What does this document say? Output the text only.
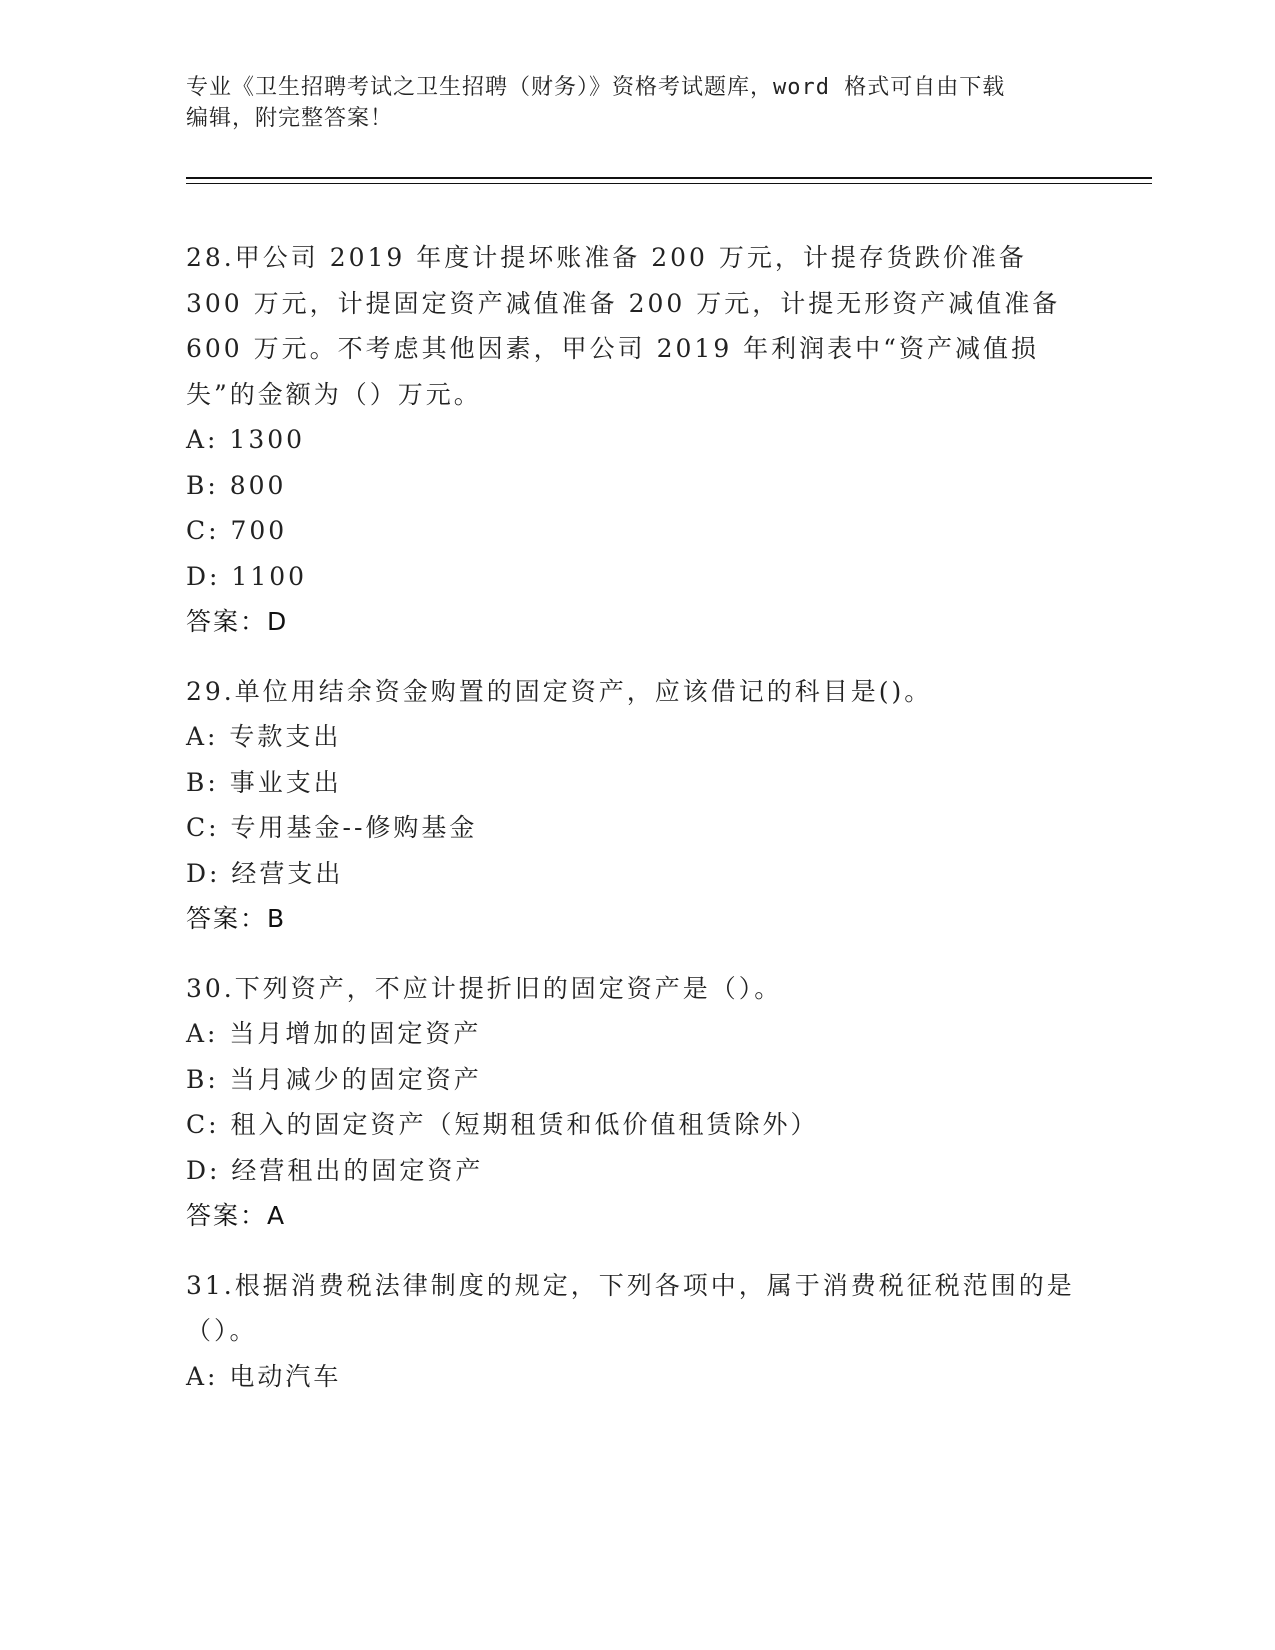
专业《卫生招聘考试之卫生招聘（财务）》资格考试题库，word 格式可自由下载
编辑，附完整答案！
28.甲公司 2019 年度计提坏账准备 200 万元，计提存货跌价准备 300 万元，计提固定资产减值准备 200 万元，计提无形资产减值准备 600 万元。不考虑其他因素，甲公司 2019 年利润表中“资产减值损失”的金额为（）万元。
A: 1300
B: 800
C: 700
D: 1100
答案：D
29.单位用结余资金购置的固定资产，应该借记的科目是()。
A: 专款支出
B: 事业支出
C: 专用基金--修购基金
D: 经营支出
答案：B
30.下列资产，不应计提折旧的固定资产是（）。
A: 当月增加的固定资产
B: 当月减少的固定资产
C: 租入的固定资产（短期租赁和低价值租赁除外）
D: 经营租出的固定资产
答案：A
31.根据消费税法律制度的规定，下列各项中，属于消费税征税范围的是（）。
A: 电动汽车
